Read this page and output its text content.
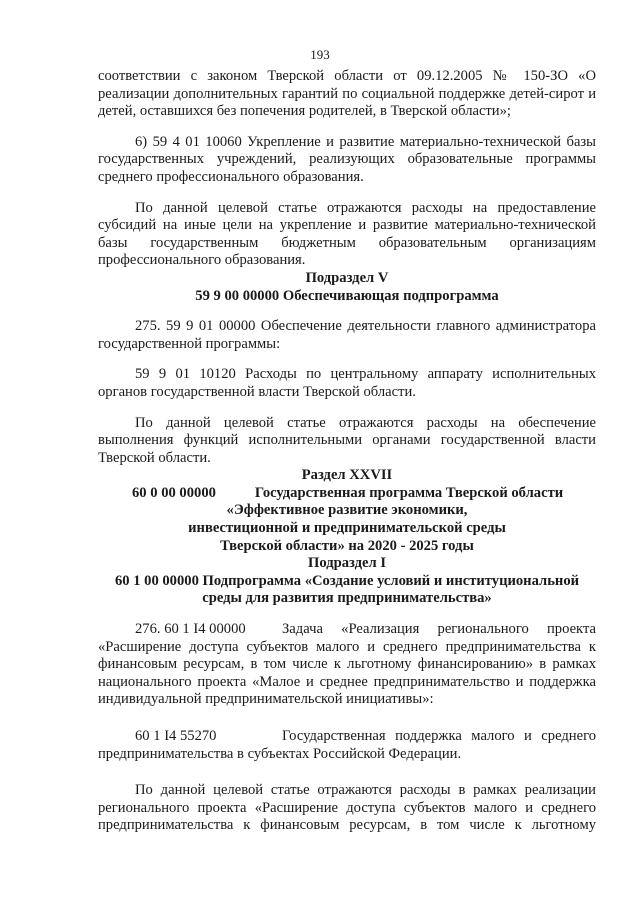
193

соответствии с законом Тверской области от 09.12.2005 № 150-ЗО «О реализации дополнительных гарантий по социальной поддержке детей-сирот и детей, оставшихся без попечения родителей, в Тверской области»;

6) 59 4 01 10060 Укрепление и развитие материально-технической базы государственных учреждений, реализующих образовательные программы среднего профессионального образования.

По данной целевой статье отражаются расходы на предоставление субсидий на иные цели на укрепление и развитие материально-технической базы государственным бюджетным образовательным организациям профессионального образования.

Подраздел V

59 9 00 00000 Обеспечивающая подпрограмма

275. 59 9 01 00000 Обеспечение деятельности главного администратора государственной программы:

59 9 01 10120 Расходы по центральному аппарату исполнительных органов государственной власти Тверской области.

По данной целевой статье отражаются расходы на обеспечение выполнения функций исполнительными органами государственной власти Тверской области.

Раздел XXVII

60 0 00 00000	Государственная программа Тверской области

«Эффективное развитие экономики,

инвестиционной и предпринимательской среды

Тверской области» на 2020 - 2025 годы

Подраздел I

60 1 00 00000 Подпрограмма «Создание условий и институциональной

среды для развития предпринимательства»

276. 60 1 I4 00000	Задача «Реализация регионального проекта

«Расширение доступа субъектов малого и среднего предпринимательства к финансовым ресурсам, в том числе к льготному финансированию» в рамках национального проекта «Малое и среднее предпринимательство и поддержка индивидуальной предпринимательской инициативы»:

60 1 I4 55270	Государственная поддержка малого и среднего

предпринимательства в субъектах Российской Федерации.

По данной целевой статье отражаются расходы в рамках реализации регионального проекта «Расширение доступа субъектов малого и среднего предпринимательства к финансовым ресурсам, в том числе к льготному
